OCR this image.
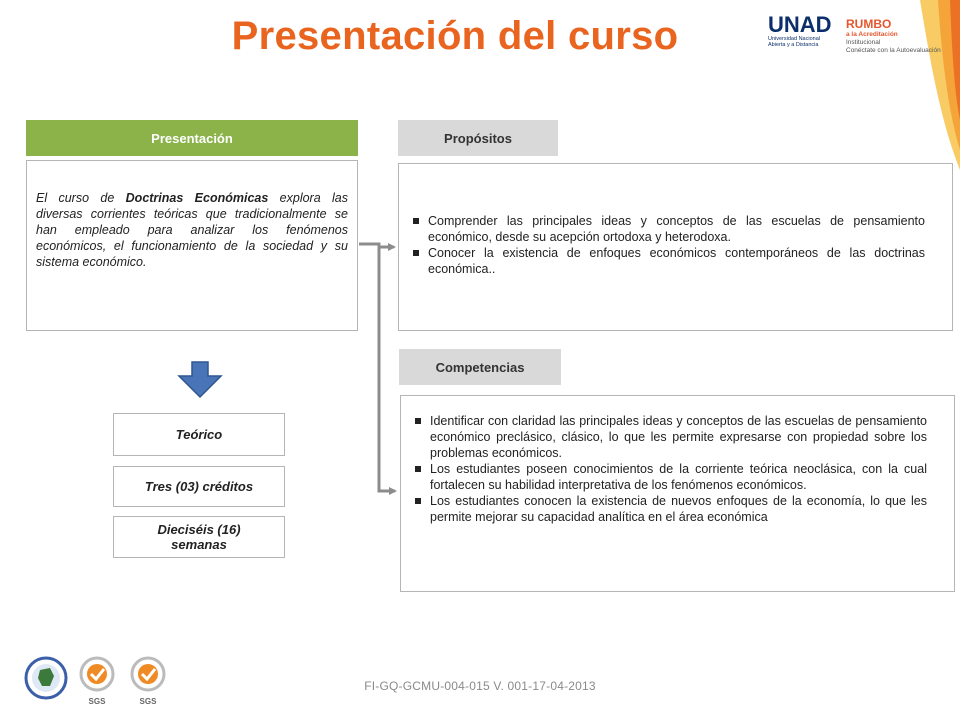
Presentación del curso	UNAD
Universidad Nacional
Abierta y a Distancia
RUMBO
a la Acreditación
Institucional
Conéctate con la Autoevaluación
Presentación
El curso de Doctrinas Económicas explora las diversas corrientes teóricas que tradicionalmente se han empleado para analizar los fenómenos económicos, el funcionamiento de la sociedad y su sistema económico.
Propósitos
Comprender las principales ideas y conceptos de las escuelas de pensamiento económico, desde su acepción ortodoxa y heterodoxa.
Conocer la existencia de enfoques económicos contemporáneos de las doctrinas económica..
Competencias
Identificar con claridad las principales ideas y conceptos de las escuelas de pensamiento económico preclásico, clásico, lo que les permite expresarse con propiedad sobre los problemas económicos.
Los estudiantes poseen conocimientos de la corriente teórica neoclásica, con la cual fortalecen su habilidad interpretativa de los fenómenos económicos.
Los estudiantes conocen la existencia de nuevos enfoques de la economía, lo que les permite mejorar su capacidad analítica en el área económica
Teórico
Tres (03) créditos
Dieciséis (16)
semanas
SGS	SGS
FI-GQ-GCMU-004-015 V. 001-17-04-2013
